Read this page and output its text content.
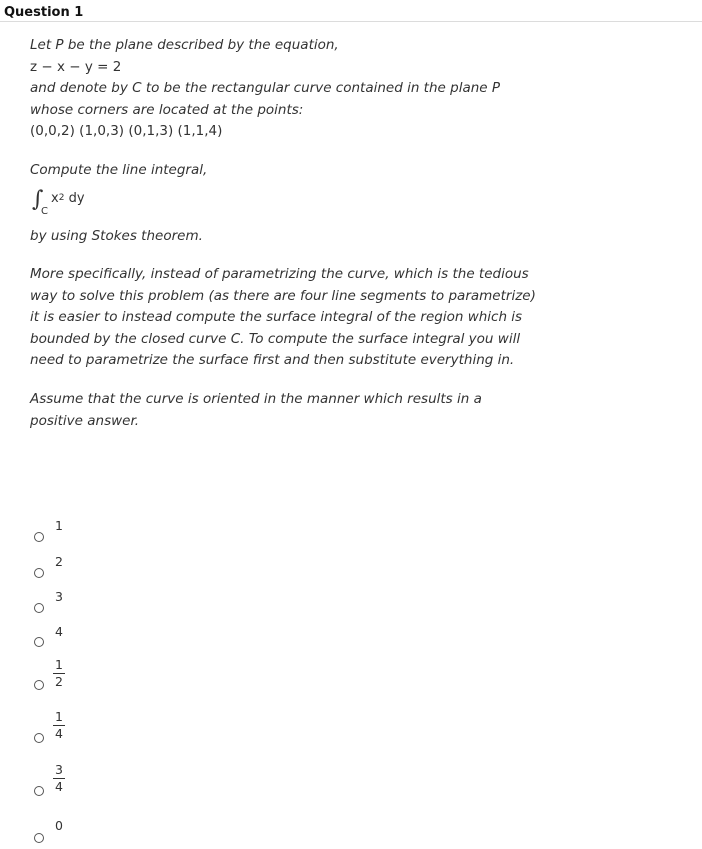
Question 1
Let P be the plane described by the equation,
z − x − y = 2
and denote by C to be the rectangular curve contained in the plane P
whose corners are located at the points:
(0,0,2) (1,0,3) (0,1,3) (1,1,4)
Compute the line integral,
∫
C
$x^2$ dy
by using Stokes theorem.
More specifically, instead of parametrizing the curve, which is the tedious
way to solve this problem (as there are four line segments to parametrize)
it is easier to instead compute the surface integral of the region which is
bounded by the closed curve C. To compute the surface integral you will
need to parametrize the surface first and then substitute everything in.
Assume that the curve is oriented in the manner which results in a
positive answer.
1
2
3
4
1
2
1
4
3
4
0
